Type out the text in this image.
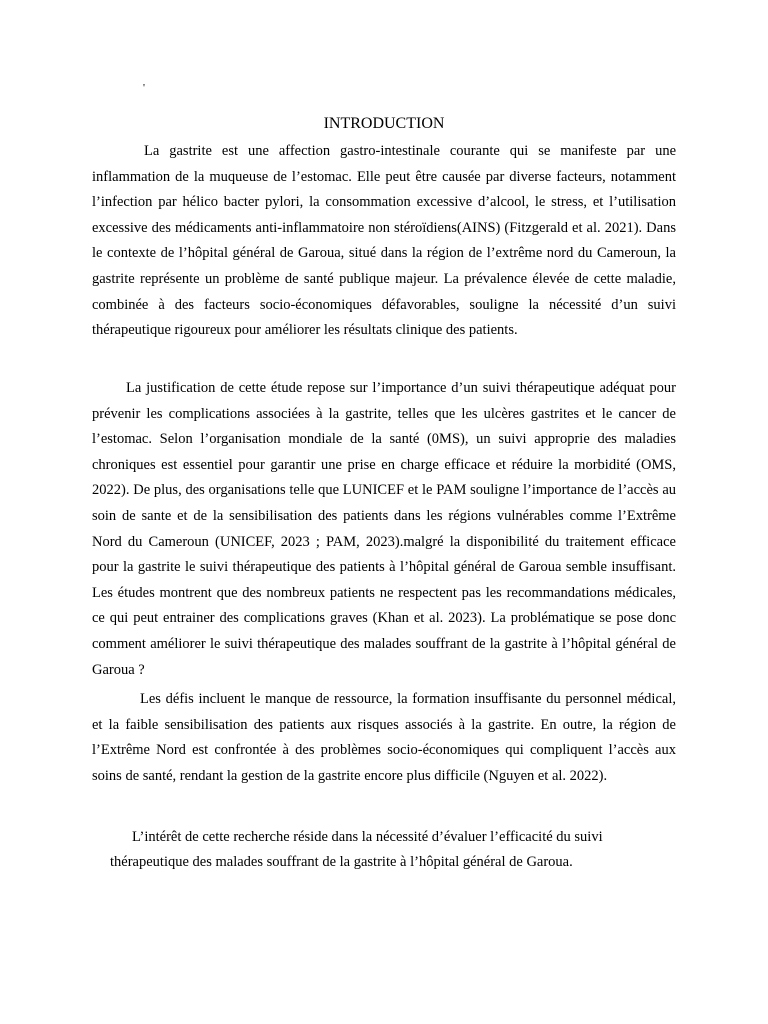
'
INTRODUCTION

La gastrite est une affection gastro-intestinale courante qui se manifeste par une inflammation de la muqueuse de l’estomac. Elle peut être causée par diverse facteurs, notamment l’infection par hélico bacter pylori, la consommation excessive d’alcool, le stress, et l’utilisation excessive des médicaments anti-inflammatoire non stéroïdiens(AINS) (Fitzgerald et al. 2021). Dans le contexte de l’hôpital général de Garoua, situé dans la région de l’extrême nord du Cameroun, la gastrite représente un problème de santé publique majeur. La prévalence élevée de cette maladie, combinée à des facteurs socio-économiques défavorables, souligne la nécessité d’un suivi thérapeutique rigoureux pour améliorer les résultats clinique des patients.

La justification de cette étude repose sur l’importance d’un suivi thérapeutique adéquat pour prévenir les complications associées à la gastrite, telles que les ulcères gastrites et le cancer de l’estomac. Selon l’organisation mondiale de la santé (0MS), un suivi appropri​e des maladies chroniques est essentiel pour garantir une prise en charge efficace et réduire la morbidité (OMS, 2022). De plus, des organisations telle que LUNICEF et le PAM souligne l’importance de l’accès au soin de sante et de la sensibilisation des patients dans les régions vulnérables comme l’Extrême Nord du Cameroun (UNICEF, 2023 ; PAM, 2023).malgré la disponibilité du traitement efficace pour la gastrite le suivi thérapeutique des patients à l’hôpital général de Garoua semble insuffisant. Les études montrent que des nombreux patients ne respectent pas les recommandations médicales, ce qui peut entrainer des complications graves (Khan et al. 2023). La problématique se pose donc comment améliorer le suivi thérapeutique des malades souffrant de la gastrite à l’hôpital général de Garoua ?

Les défis incluent le manque de ressource, la formation insuffisante du personnel médical, et la faible sensibilisation des patients aux risques associés à la gastrite. En outre, la région de l’Extrême Nord est confrontée à des problèmes socio-économiques qui compliquent l’accès aux soins de santé, rendant la gestion de la gastrite encore plus difficile (Nguyen et al. 2022).

L’intérêt de cette recherche réside dans la nécessité d’évaluer l’efficacité du suivi thérapeutique des malades souffrant de la gastrite à l’hôpital général de Garoua.
